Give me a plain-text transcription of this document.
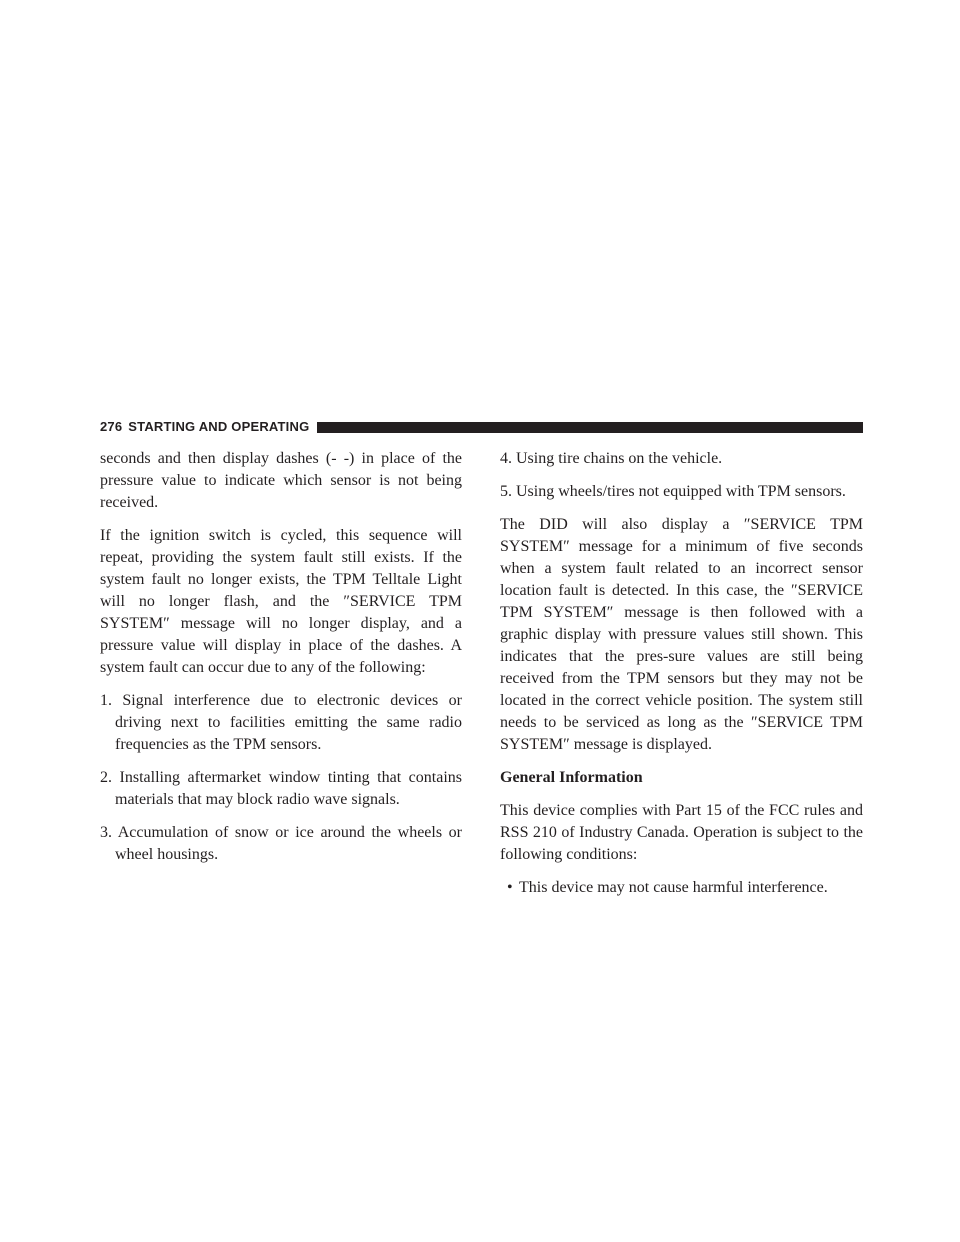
276 STARTING AND OPERATING

seconds and then display dashes (- -) in place of the pressure value to indicate which sensor is not being received.

If the ignition switch is cycled, this sequence will repeat, providing the system fault still exists. If the system fault no longer exists, the TPM Telltale Light will no longer flash, and the ″SERVICE TPM SYSTEM″ message will no longer display, and a pressure value will display in place of the dashes. A system fault can occur due to any of the following:

1. Signal interference due to electronic devices or driving next to facilities emitting the same radio frequencies as the TPM sensors.
2. Installing aftermarket window tinting that contains materials that may block radio wave signals.
3. Accumulation of snow or ice around the wheels or wheel housings.
4. Using tire chains on the vehicle.
5. Using wheels/tires not equipped with TPM sensors.

The DID will also display a ″SERVICE TPM SYSTEM″ message for a minimum of five seconds when a system fault related to an incorrect sensor location fault is detected. In this case, the ″SERVICE TPM SYSTEM″ message is then followed with a graphic display with pressure values still shown. This indicates that the pres-sure values are still being received from the TPM sensors but they may not be located in the correct vehicle position. The system still needs to be serviced as long as the ″SERVICE TPM SYSTEM″ message is displayed.

General Information

This device complies with Part 15 of the FCC rules and RSS 210 of Industry Canada. Operation is subject to the following conditions:

• This device may not cause harmful interference.
